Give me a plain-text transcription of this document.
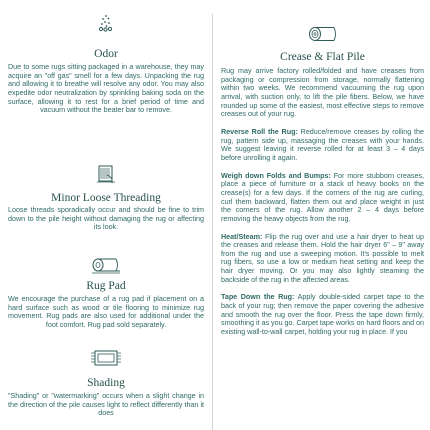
Odor

Due to some rugs sitting packaged in a warehouse, they may acquire an "off gas" smell for a few days. Unpacking the rug and allowing it to breathe will resolve any odor. You may also expedite odor neutralization by sprinkling baking soda on the surface, allowing it to rest for a brief period of time and vacuum without the beater bar to remove.

Minor Loose Threading

Loose threads sporadically occur and should be fine to trim down to the pile height without damaging the rug or affecting its look.

Rug Pad

We encourage the purchase of a rug pad if placement on a hard surface such as wood or tile flooring to minimize rug movement. Rug pads are also used for additional under the foot comfort. Rug pad sold separately.

Shading

"Shading" or "watermarking" occurs when a slight change in the direction of the pile causes light to reflect differently than it does

Crease & Flat Pile

Rug may arrive factory rolled/folded and have creases from packaging or compression from storage, normally flattening within two weeks. We recommend vacuuming the rug upon arrival, with suction only, to lift the pile fibers. Below, we have rounded up some of the easiest, most effective steps to remove creases out of your rug.

Reverse Roll the Rug: Reduce/remove creases by rolling the rug, pattern side up, massaging the creases with your hands. We suggest leaving it reverse rolled for at least 3 – 4 days before unrolling it again.

Weigh down Folds and Bumps: For more stubborn creases, place a piece of furniture or a stack of heavy books on the crease(s) for a few days. If the corners of the rug are curling, curl them backward, flatten them out and place weight in just the corners of the rug. Allow another 2 – 4 days before removing the heavy objects from the rug.

Heat/Steam: Flip the rug over and use a hair dryer to heat up the creases and release them. Hold the hair dryer 6" – 9" away from the rug and use a sweeping motion. It's possible to melt rug fibers, so use a low or medium heat setting and keep the hair dryer moving. Or you may also lightly steaming the backside of the rug in the affected areas.

Tape Down the Rug: Apply double-sided carpet tape to the back of your rug; then remove the paper covering the adhesive and smooth the rug over the floor. Press the tape down firmly, smoothing it as you go. Carpet tape works on hard floors and on existing wall-to-wall carpet, holding your rug in place. If you
